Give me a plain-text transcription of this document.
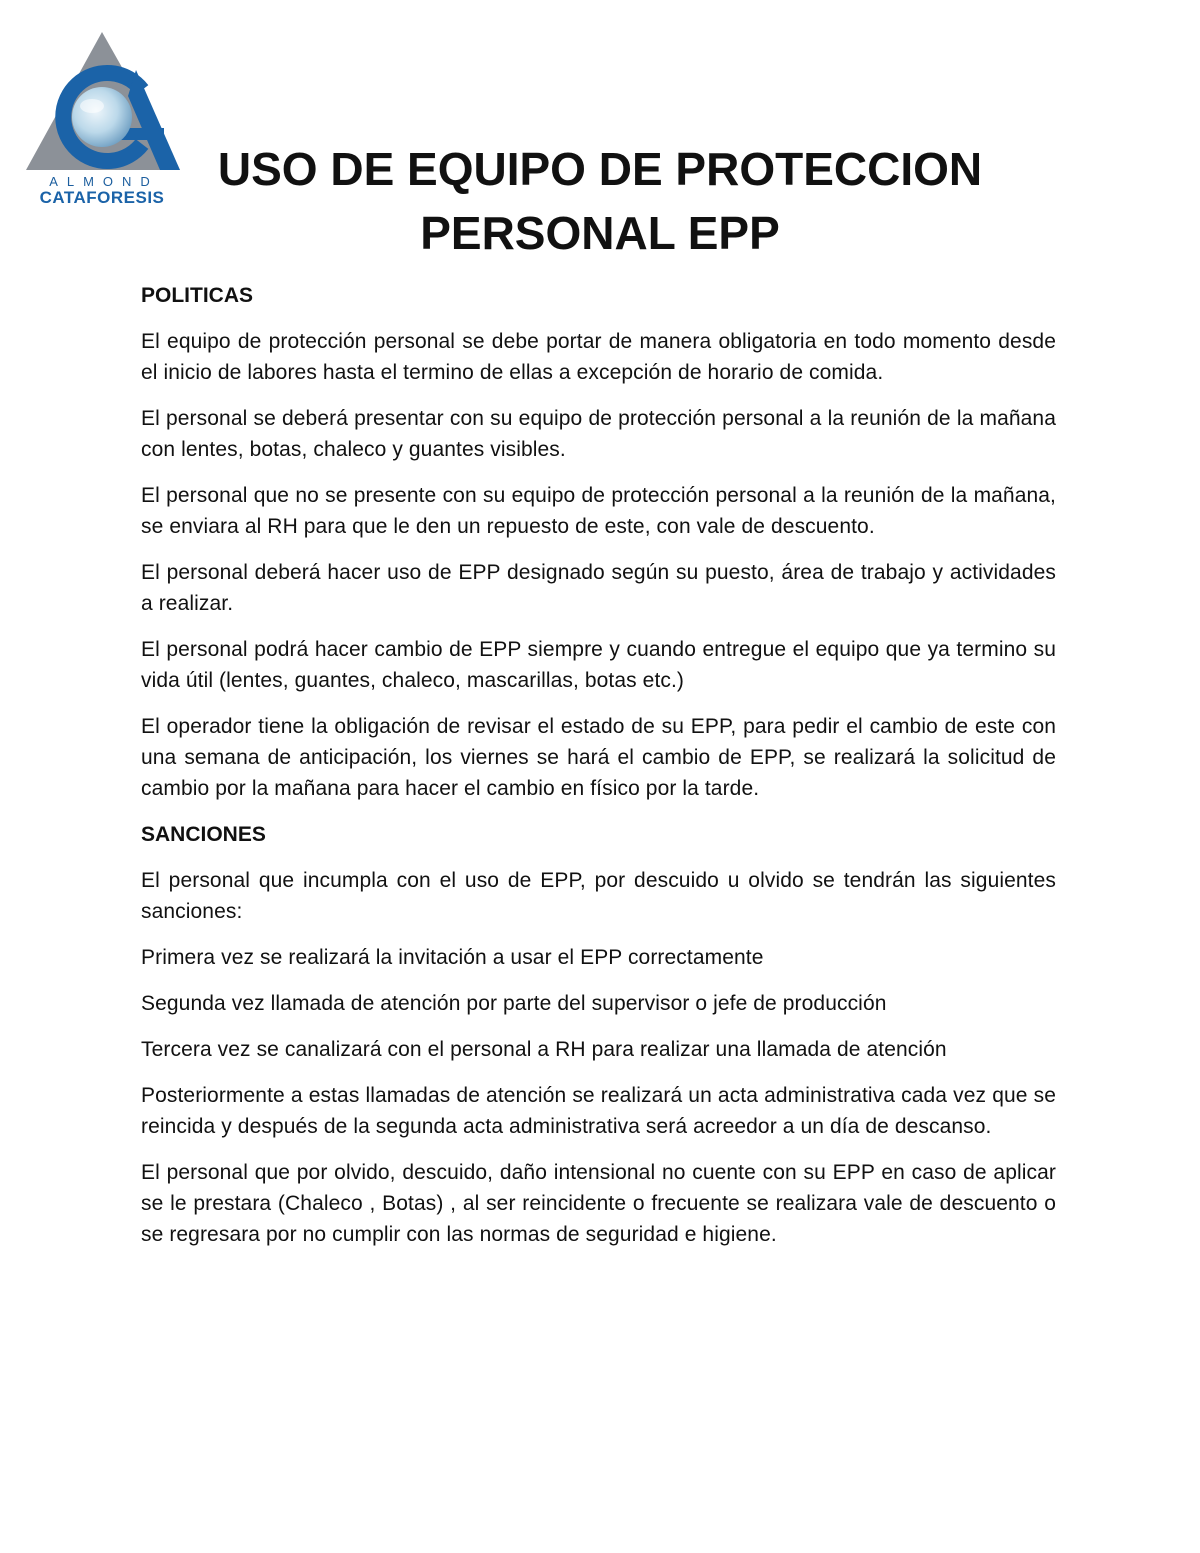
ALMOND
CATAFORESIS
USO DE EQUIPO DE PROTECCION
PERSONAL EPP
POLITICAS

El equipo de protección personal se debe portar de manera obligatoria en todo momento desde el inicio de labores hasta el termino de ellas a excepción de horario de comida.

El personal se deberá presentar con su equipo de protección personal a la reunión de la mañana con lentes, botas, chaleco y guantes visibles.

El personal que no se presente con su equipo de protección personal a la reunión de la mañana, se enviara al RH para que le den un repuesto de este, con vale de descuento.

El personal deberá hacer uso de EPP designado según su puesto, área de trabajo y actividades a realizar.

El personal podrá hacer cambio de EPP siempre y cuando entregue el equipo que ya termino su vida útil (lentes, guantes, chaleco, mascarillas, botas etc.)

El operador tiene la obligación de revisar el estado de su EPP, para pedir el cambio de este con una semana de anticipación, los viernes se hará el cambio de EPP, se realizará la solicitud de cambio por la mañana para hacer el cambio en físico por la tarde.

SANCIONES

El personal que incumpla con el uso de EPP, por descuido u olvido se tendrán las siguientes sanciones:

Primera vez se realizará la invitación a usar el EPP correctamente

Segunda vez llamada de atención por parte del supervisor o jefe de producción

Tercera vez se canalizará con el personal a RH para realizar una llamada de atención

Posteriormente a estas llamadas de atención se realizará un acta administrativa cada vez que se reincida y después de la segunda acta administrativa será acreedor a un día de descanso.

El personal que por olvido, descuido, daño intensional no cuente con su EPP en caso de aplicar se le prestara (Chaleco , Botas) , al ser reincidente o frecuente se realizara vale de descuento o se regresara por no cumplir con las normas de seguridad e higiene.
